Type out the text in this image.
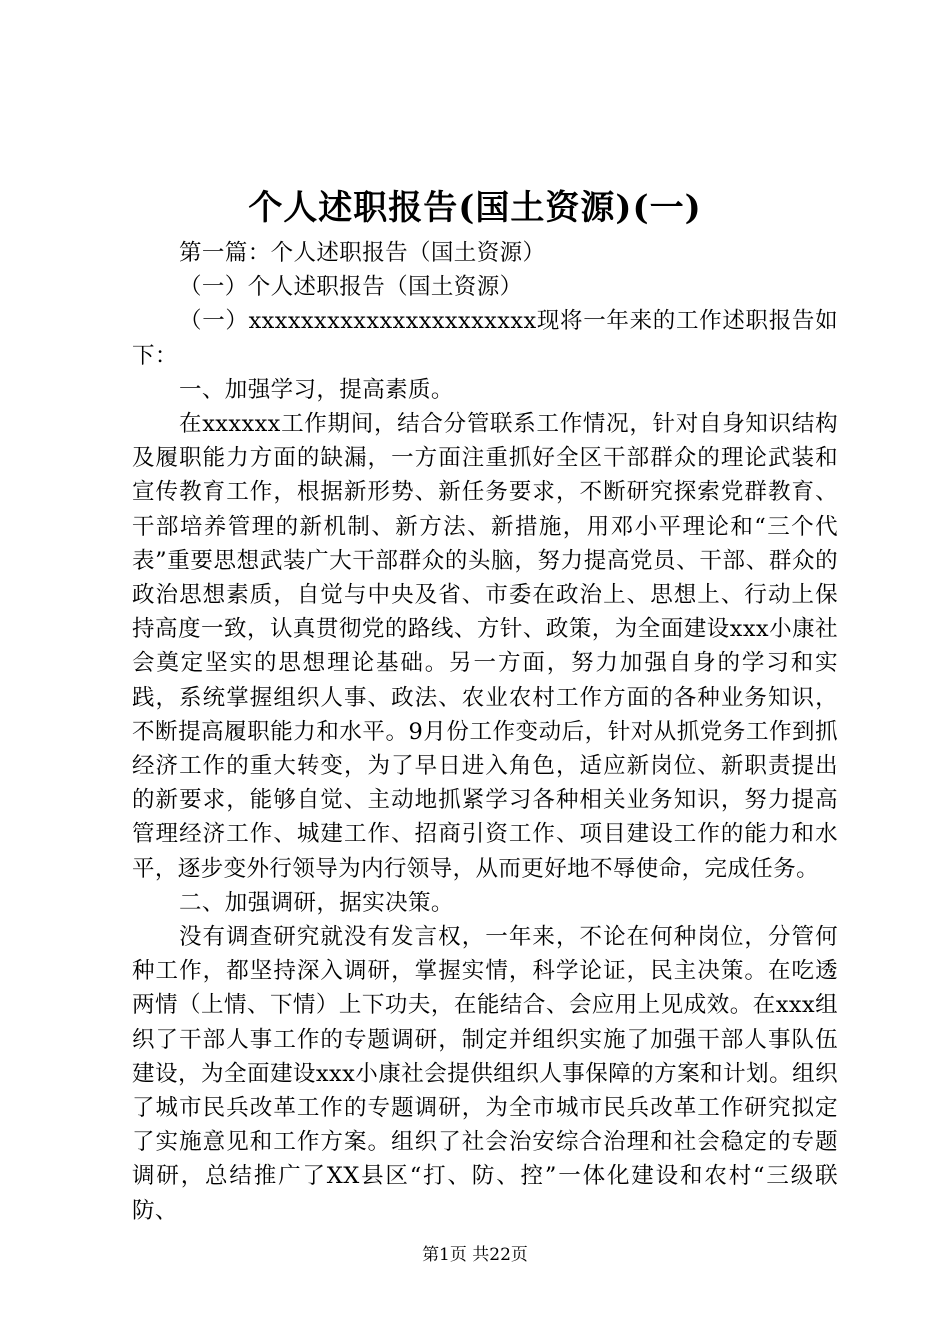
个人述职报告(国土资源)(一)

第一篇：个人述职报告（国土资源）

（一）个人述职报告（国土资源）

（一）xxxxxxxxxxxxxxxxxxxxxx现将一年来的工作述职报告如下：

一、加强学习，提高素质。

在xxxxxx工作期间，结合分管联系工作情况，针对自身知识结构及履职能力方面的缺漏，一方面注重抓好全区干部群众的理论武装和宣传教育工作，根据新形势、新任务要求，不断研究探索党群教育、干部培养管理的新机制、新方法、新措施，用邓小平理论和“三个代表”重要思想武装广大干部群众的头脑，努力提高党员、干部、群众的政治思想素质，自觉与中央及省、市委在政治上、思想上、行动上保持高度一致，认真贯彻党的路线、方针、政策，为全面建设xxx小康社会奠定坚实的思想理论基础。另一方面，努力加强自身的学习和实践，系统掌握组织人事、政法、农业农村工作方面的各种业务知识，不断提高履职能力和水平。9月份工作变动后，针对从抓党务工作到抓经济工作的重大转变，为了早日进入角色，适应新岗位、新职责提出的新要求，能够自觉、主动地抓紧学习各种相关业务知识，努力提高管理经济工作、城建工作、招商引资工作、项目建设工作的能力和水平，逐步变外行领导为内行领导，从而更好地不辱使命，完成任务。

二、加强调研，据实决策。

没有调查研究就没有发言权，一年来，不论在何种岗位，分管何种工作，都坚持深入调研，掌握实情，科学论证，民主决策。在吃透两情（上情、下情）上下功夫，在能结合、会应用上见成效。在xxx组织了干部人事工作的专题调研，制定并组织实施了加强干部人事队伍建设，为全面建设xxx小康社会提供组织人事保障的方案和计划。组织了城市民兵改革工作的专题调研，为全市城市民兵改革工作研究拟定了实施意见和工作方案。组织了社会治安综合治理和社会稳定的专题调研，总结推广了XX县区“打、防、控”一体化建设和农村“三级联防、

第1页 共22页
